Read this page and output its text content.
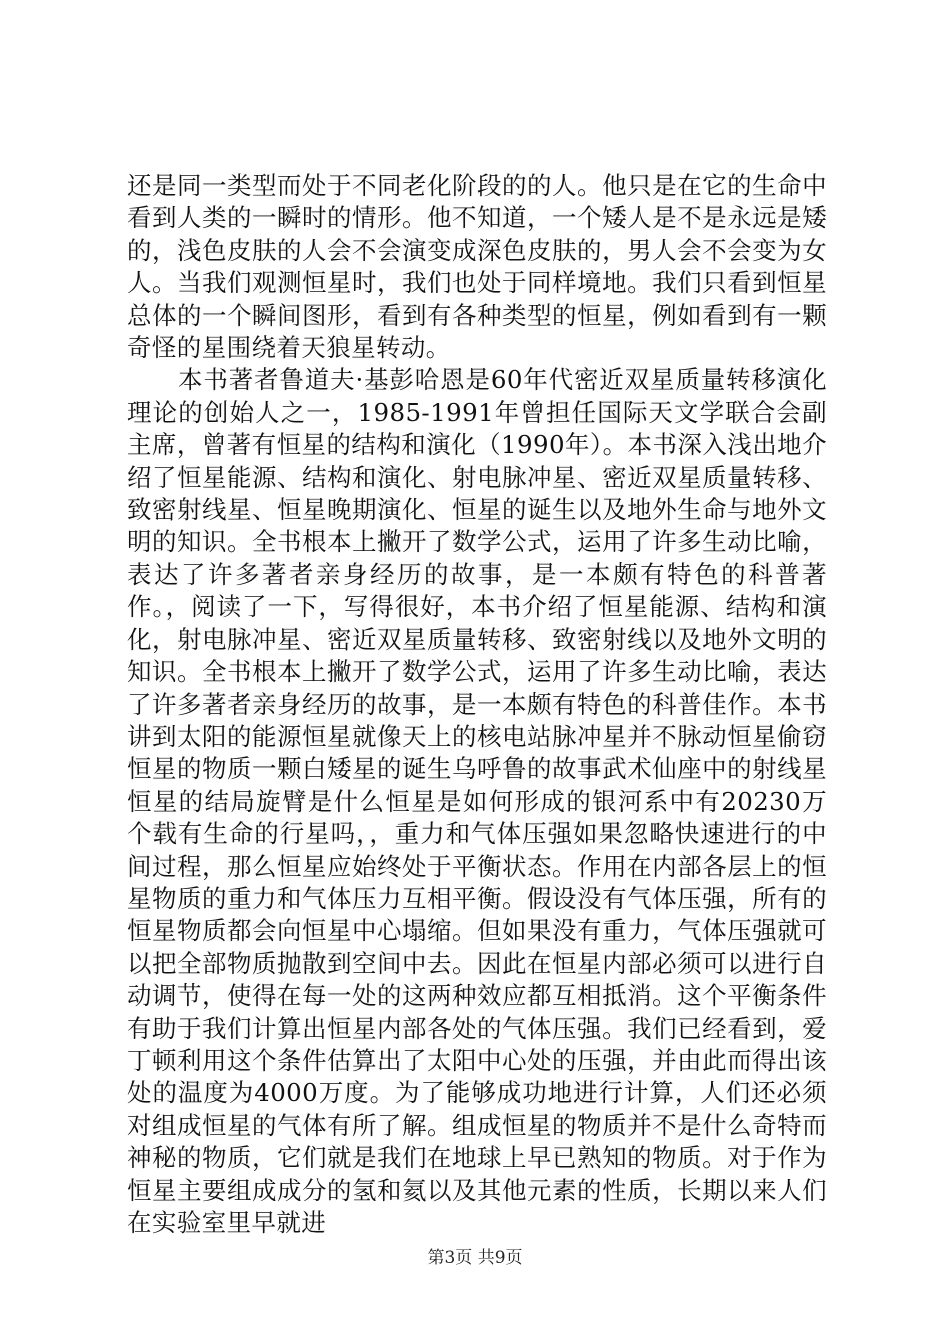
还是同一类型而处于不同老化阶段的的人。他只是在它的生命中看到人类的一瞬时的情形。他不知道，一个矮人是不是永远是矮的，浅色皮肤的人会不会演变成深色皮肤的，男人会不会变为女人。当我们观测恒星时，我们也处于同样境地。我们只看到恒星总体的一个瞬间图形，看到有各种类型的恒星，例如看到有一颗奇怪的星围绕着天狼星转动。

本书著者鲁道夫·基彭哈恩是60年代密近双星质量转移演化理论的创始人之一，1985-1991年曾担任国际天文学联合会副主席，曾著有恒星的结构和演化（1990年）。本书深入浅出地介绍了恒星能源、结构和演化、射电脉冲星、密近双星质量转移、致密射线星、恒星晚期演化、恒星的诞生以及地外生命与地外文明的知识。全书根本上撇开了数学公式，运用了许多生动比喻，表达了许多著者亲身经历的故事，是一本颇有特色的科普著作。，阅读了一下，写得很好，本书介绍了恒星能源、结构和演化，射电脉冲星、密近双星质量转移、致密射线以及地外文明的知识。全书根本上撇开了数学公式，运用了许多生动比喻，表达了许多著者亲身经历的故事，是一本颇有特色的科普佳作。本书讲到太阳的能源恒星就像天上的核电站脉冲星并不脉动恒星偷窃恒星的物质一颗白矮星的诞生乌呼鲁的故事武术仙座中的射线星恒星的结局旋臂是什么恒星是如何形成的银河系中有20230万个载有生命的行星吗，，重力和气体压强如果忽略快速进行的中间过程，那么恒星应始终处于平衡状态。作用在内部各层上的恒星物质的重力和气体压力互相平衡。假设没有气体压强，所有的恒星物质都会向恒星中心塌缩。但如果没有重力，气体压强就可以把全部物质抛散到空间中去。因此在恒星内部必须可以进行自动调节，使得在每一处的这两种效应都互相抵消。这个平衡条件有助于我们计算出恒星内部各处的气体压强。我们已经看到，爱丁顿利用这个条件估算出了太阳中心处的压强，并由此而得出该处的温度为4000万度。为了能够成功地进行计算，人们还必须对组成恒星的气体有所了解。组成恒星的物质并不是什么奇特而神秘的物质，它们就是我们在地球上早已熟知的物质。对于作为恒星主要组成成分的氢和氦以及其他元素的性质，长期以来人们在实验室里早就进

第3页 共9页
